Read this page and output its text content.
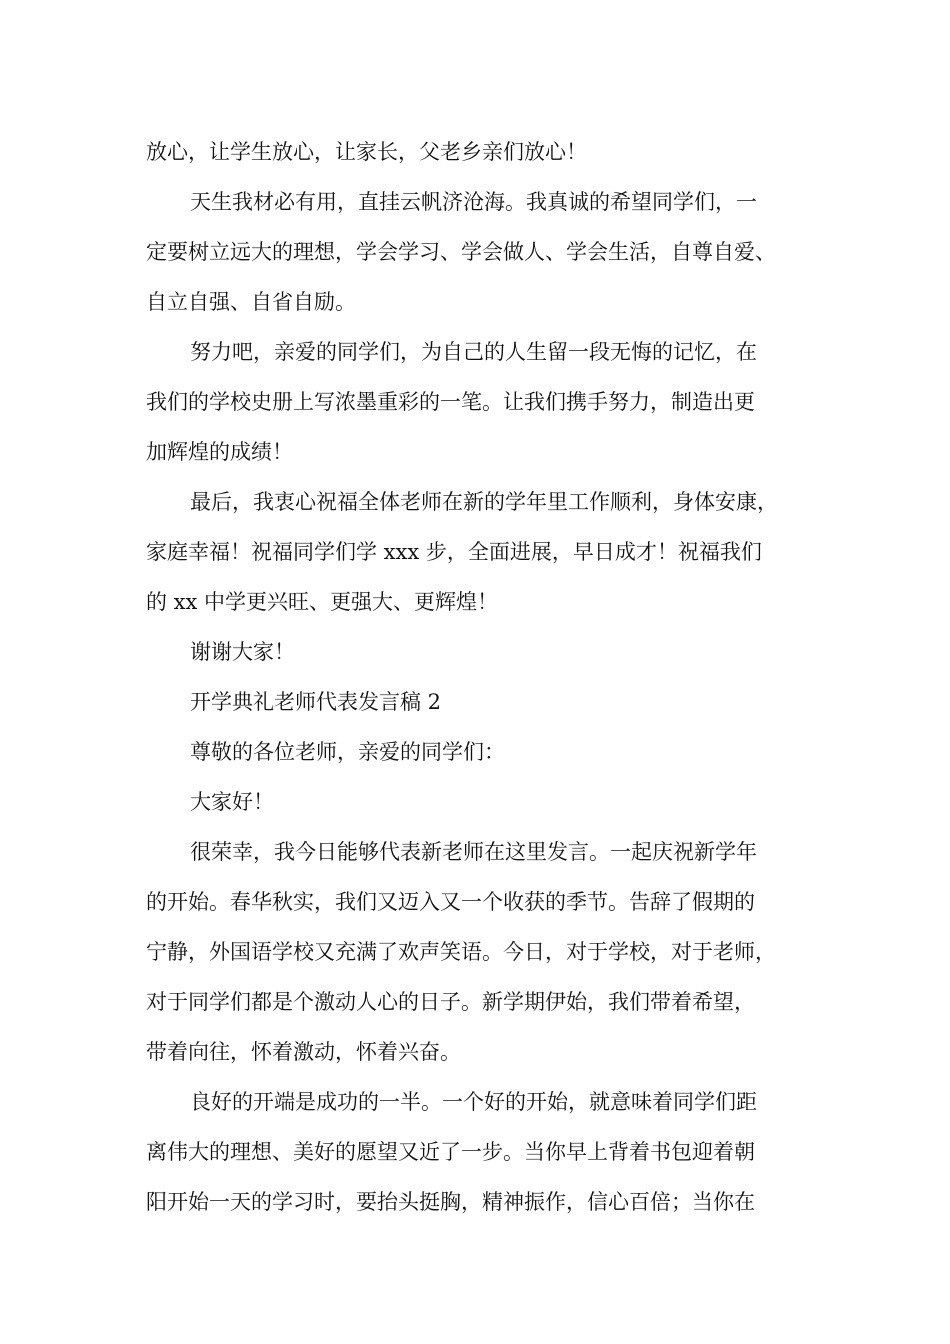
放心，让学生放心，让家长，父老乡亲们放心！

天生我材必有用，直挂云帆济沧海。我真诚的希望同学们，一
定要树立远大的理想，学会学习、学会做人、学会生活，自尊自爱、
自立自强、自省自励。

努力吧，亲爱的同学们，为自己的人生留一段无悔的记忆，在
我们的学校史册上写浓墨重彩的一笔。让我们携手努力，制造出更
加辉煌的成绩！

最后，我衷心祝福全体老师在新的学年里工作顺利，身体安康，
家庭幸福！祝福同学们学 xxx 步，全面进展，早日成才！祝福我们
的 xx 中学更兴旺、更强大、更辉煌！

谢谢大家！

开学典礼老师代表发言稿 2

尊敬的各位老师，亲爱的同学们：

大家好！

很荣幸，我今日能够代表新老师在这里发言。一起庆祝新学年
的开始。春华秋实，我们又迈入又一个收获的季节。告辞了假期的
宁静，外国语学校又充满了欢声笑语。今日，对于学校，对于老师，
对于同学们都是个激动人心的日子。新学期伊始，我们带着希望，
带着向往，怀着激动，怀着兴奋。

良好的开端是成功的一半。一个好的开始，就意味着同学们距
离伟大的理想、美好的愿望又近了一步。当你早上背着书包迎着朝
阳开始一天的学习时，要抬头挺胸，精神振作，信心百倍；当你在
